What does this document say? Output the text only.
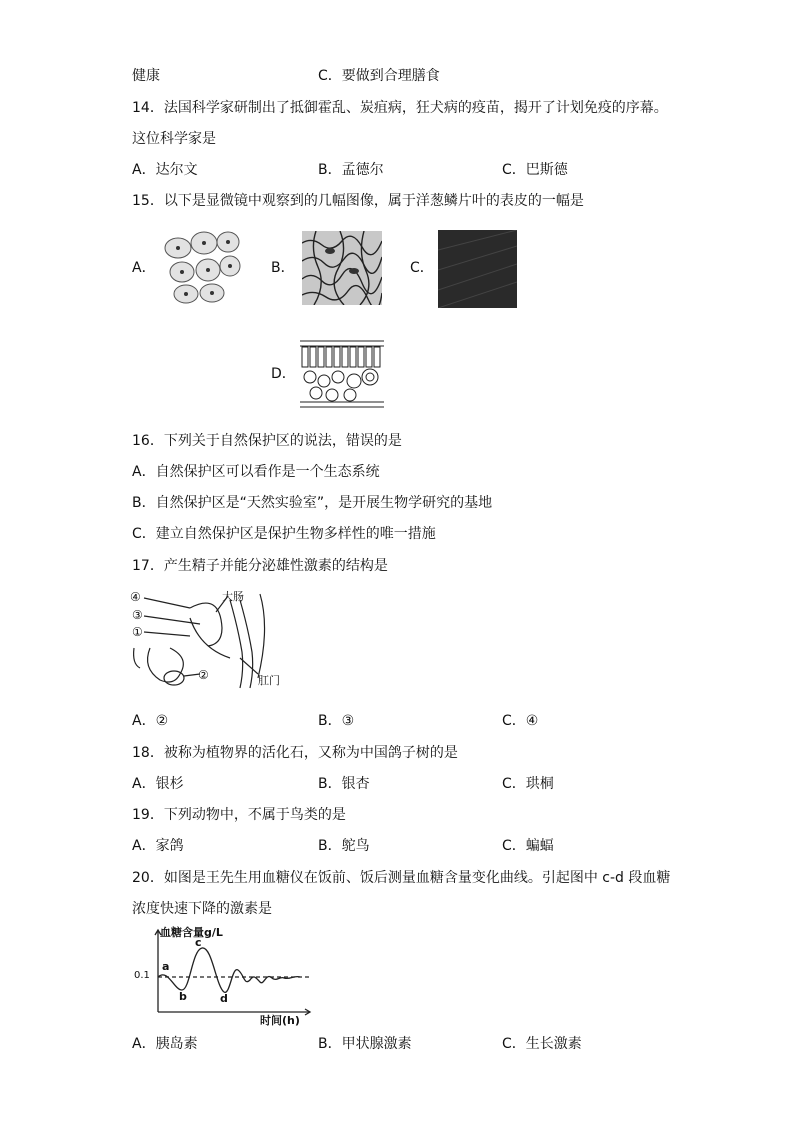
健康	C．要做到合理膳食
14．法国科学家研制出了抵御霍乱、炭疽病，狂犬病的疫苗，揭开了计划免疫的序幕。
这位科学家是
A．达尔文	B．孟德尔	C．巴斯德
15．以下是显微镜中观察到的几幅图像，属于洋葱鳞片叶的表皮的一幅是
A．	B．	C．
D．
16．下列关于自然保护区的说法，错误的是
A．自然保护区可以看作是一个生态系统
B．自然保护区是“天然实验室”，是开展生物学研究的基地
C．建立自然保护区是保护生物多样性的唯一措施
17．产生精子并能分泌雄性激素的结构是
④
③
①
②
大肠
肛门
A．②	B．③	C．④
18．被称为植物界的活化石，又称为中国鸽子树的是
A．银杉	B．银杏	C．珙桐
19．下列动物中，不属于鸟类的是
A．家鸽	B．鸵鸟	C．蝙蝠
20．如图是王先生用血糖仪在饭前、饭后测量血糖含量变化曲线。引起图中 c-d 段血糖
浓度快速下降的激素是
血糖含量g/L
0.1
a
b
c
d
时间(h)
A．胰岛素	B．甲状腺激素	C．生长激素
